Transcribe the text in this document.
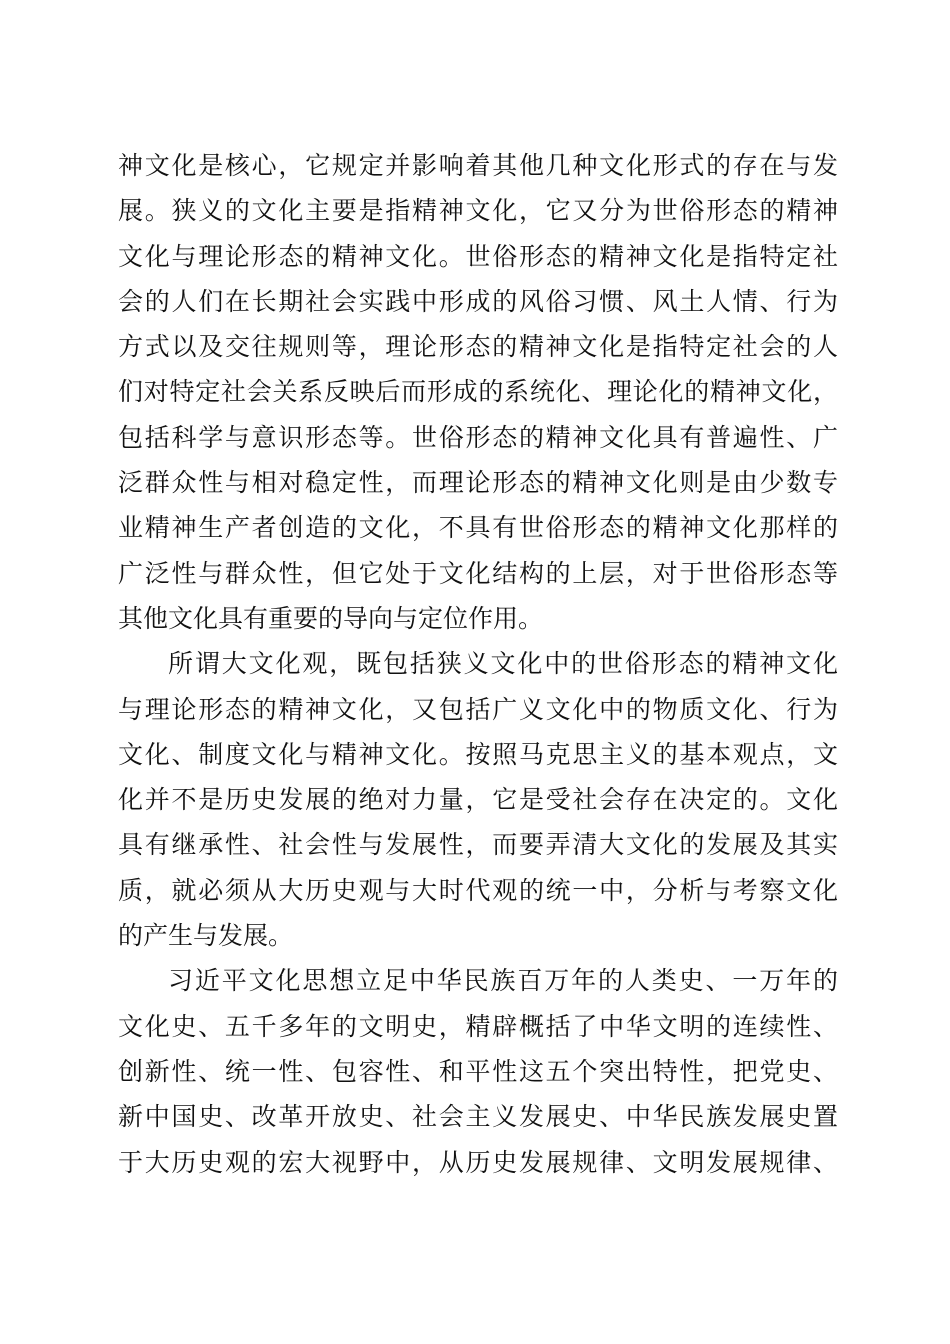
神文化是核心，它规定并影响着其他几种文化形式的存在与发
展。狭义的文化主要是指精神文化，它又分为世俗形态的精神
文化与理论形态的精神文化。世俗形态的精神文化是指特定社
会的人们在长期社会实践中形成的风俗习惯、风土人情、行为
方式以及交往规则等，理论形态的精神文化是指特定社会的人
们对特定社会关系反映后而形成的系统化、理论化的精神文化，
包括科学与意识形态等。世俗形态的精神文化具有普遍性、广
泛群众性与相对稳定性，而理论形态的精神文化则是由少数专
业精神生产者创造的文化，不具有世俗形态的精神文化那样的
广泛性与群众性，但它处于文化结构的上层，对于世俗形态等
其他文化具有重要的导向与定位作用。
所谓大文化观，既包括狭义文化中的世俗形态的精神文化
与理论形态的精神文化，又包括广义文化中的物质文化、行为
文化、制度文化与精神文化。按照马克思主义的基本观点，文
化并不是历史发展的绝对力量，它是受社会存在决定的。文化
具有继承性、社会性与发展性，而要弄清大文化的发展及其实
质，就必须从大历史观与大时代观的统一中，分析与考察文化
的产生与发展。
习近平文化思想立足中华民族百万年的人类史、一万年的
文化史、五千多年的文明史，精辟概括了中华文明的连续性、
创新性、统一性、包容性、和平性这五个突出特性，把党史、
新中国史、改革开放史、社会主义发展史、中华民族发展史置
于大历史观的宏大视野中，从历史发展规律、文明发展规律、
